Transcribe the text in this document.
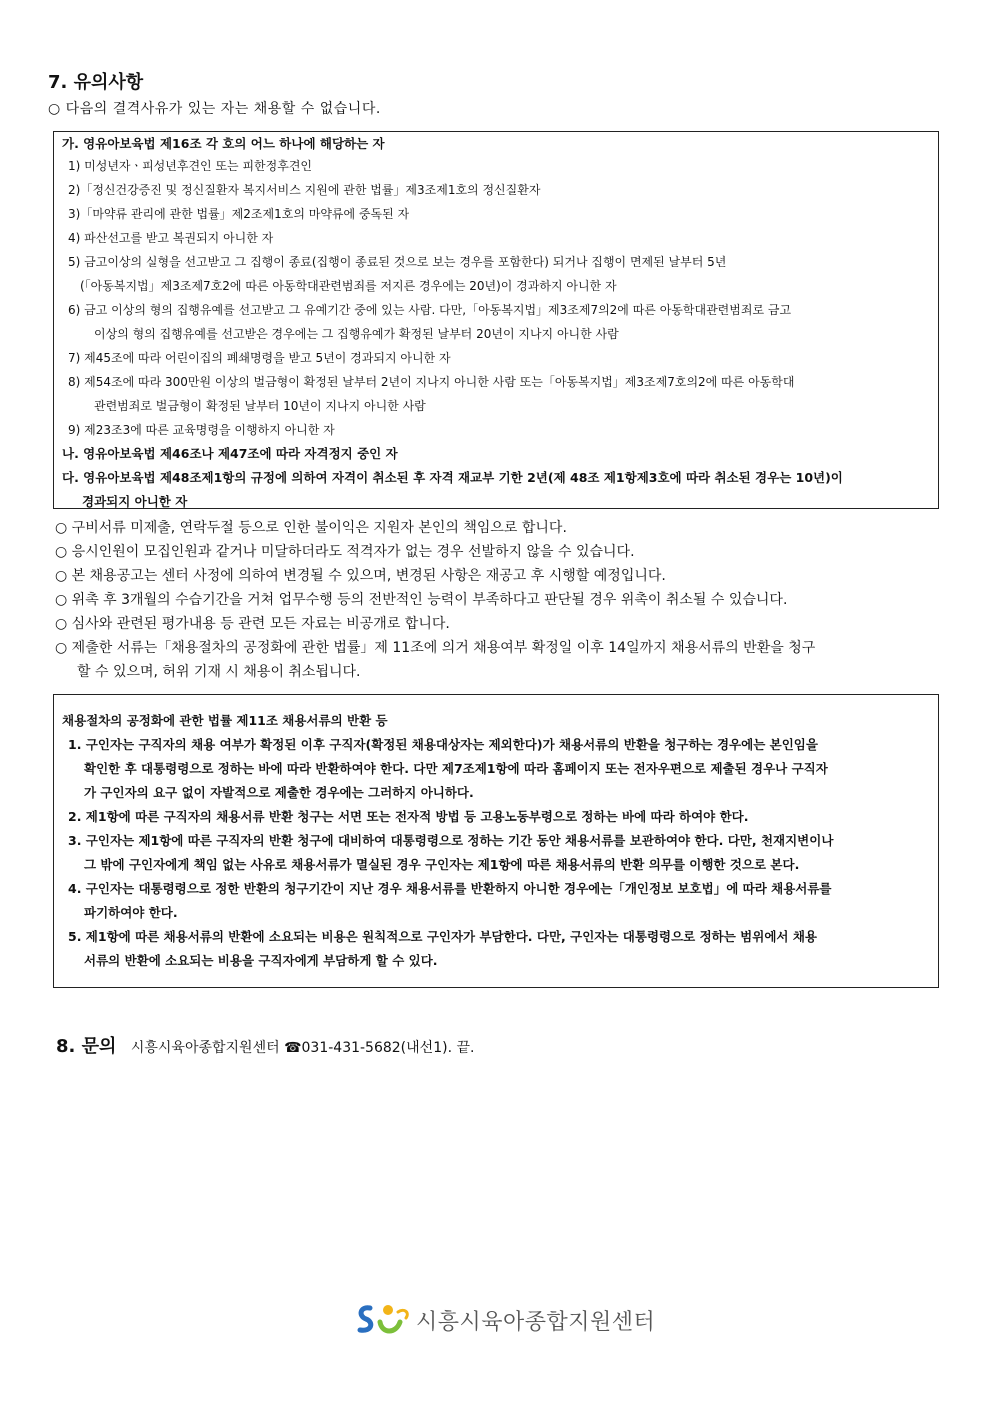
7. 유의사항
○ 다음의 결격사유가 있는 자는 채용할 수 없습니다.
가. 영유아보육법 제16조 각 호의 어느 하나에 해당하는 자
1) 미성년자ㆍ피성년후견인 또는 피한정후견인
2)「정신건강증진 및 정신질환자 복지서비스 지원에 관한 법률」제3조제1호의 정신질환자
3)「마약류 관리에 관한 법률」제2조제1호의 마약류에 중독된 자
4) 파산선고를 받고 복권되지 아니한 자
5) 금고이상의 실형을 선고받고 그 집행이 종료(집행이 종료된 것으로 보는 경우를 포함한다) 되거나 집행이 면제된 날부터 5년
(「아동복지법」제3조제7호2에 따른 아동학대관련범죄를 저지른 경우에는 20년)이 경과하지 아니한 자
6) 금고 이상의 형의 집행유예를 선고받고 그 유예기간 중에 있는 사람. 다만,「아동복지법」제3조제7의2에 따른 아동학대관련범죄로 금고
이상의 형의 집행유예를 선고받은 경우에는 그 집행유예가 확정된 날부터 20년이 지나지 아니한 사람
7) 제45조에 따라 어린이집의 폐쇄명령을 받고 5년이 경과되지 아니한 자
8) 제54조에 따라 300만원 이상의 벌금형이 확정된 날부터 2년이 지나지 아니한 사람 또는「아동복지법」제3조제7호의2에 따른 아동학대
관련범죄로 벌금형이 확정된 날부터 10년이 지나지 아니한 사람
9) 제23조3에 따른 교육명령을 이행하지 아니한 자
나. 영유아보육법 제46조나 제47조에 따라 자격정지 중인 자
다. 영유아보육법 제48조제1항의 규정에 의하여 자격이 취소된 후 자격 재교부 기한 2년(제 48조 제1항제3호에 따라 취소된 경우는 10년)이
경과되지 아니한 자
○ 구비서류 미제출, 연락두절 등으로 인한 불이익은 지원자 본인의 책임으로 합니다.
○ 응시인원이 모집인원과 같거나 미달하더라도 적격자가 없는 경우 선발하지 않을 수 있습니다.
○ 본 채용공고는 센터 사정에 의하여 변경될 수 있으며, 변경된 사항은 재공고 후 시행할 예정입니다.
○ 위촉 후 3개월의 수습기간을 거쳐 업무수행 등의 전반적인 능력이 부족하다고 판단될 경우 위촉이 취소될 수 있습니다.
○ 심사와 관련된 평가내용 등 관련 모든 자료는 비공개로 합니다.
○ 제출한 서류는「채용절차의 공정화에 관한 법률」제 11조에 의거 채용여부 확정일 이후 14일까지 채용서류의 반환을 청구
할 수 있으며, 허위 기재 시 채용이 취소됩니다.
채용절차의 공정화에 관한 법률 제11조 채용서류의 반환 등
1. 구인자는 구직자의 채용 여부가 확정된 이후 구직자(확정된 채용대상자는 제외한다)가 채용서류의 반환을 청구하는 경우에는 본인임을
확인한 후 대통령령으로 정하는 바에 따라 반환하여야 한다. 다만 제7조제1항에 따라 홈페이지 또는 전자우편으로 제출된 경우나 구직자
가 구인자의 요구 없이 자발적으로 제출한 경우에는 그러하지 아니하다.
2. 제1항에 따른 구직자의 채용서류 반환 청구는 서면 또는 전자적 방법 등 고용노동부령으로 정하는 바에 따라 하여야 한다.
3. 구인자는 제1항에 따른 구직자의 반환 청구에 대비하여 대통령령으로 정하는 기간 동안 채용서류를 보관하여야 한다. 다만, 천재지변이나
그 밖에 구인자에게 책임 없는 사유로 채용서류가 멸실된 경우 구인자는 제1항에 따른 채용서류의 반환 의무를 이행한 것으로 본다.
4. 구인자는 대통령령으로 정한 반환의 청구기간이 지난 경우 채용서류를 반환하지 아니한 경우에는「개인정보 보호법」에 따라 채용서류를
파기하여야 한다.
5. 제1항에 따른 채용서류의 반환에 소요되는 비용은 원칙적으로 구인자가 부담한다. 다만, 구인자는 대통령령으로 정하는 범위에서 채용
서류의 반환에 소요되는 비용을 구직자에게 부담하게 할 수 있다.
8. 문의 시흥시육아종합지원센터 ☎031-431-5682(내선1). 끝.
시흥시육아종합지원센터
